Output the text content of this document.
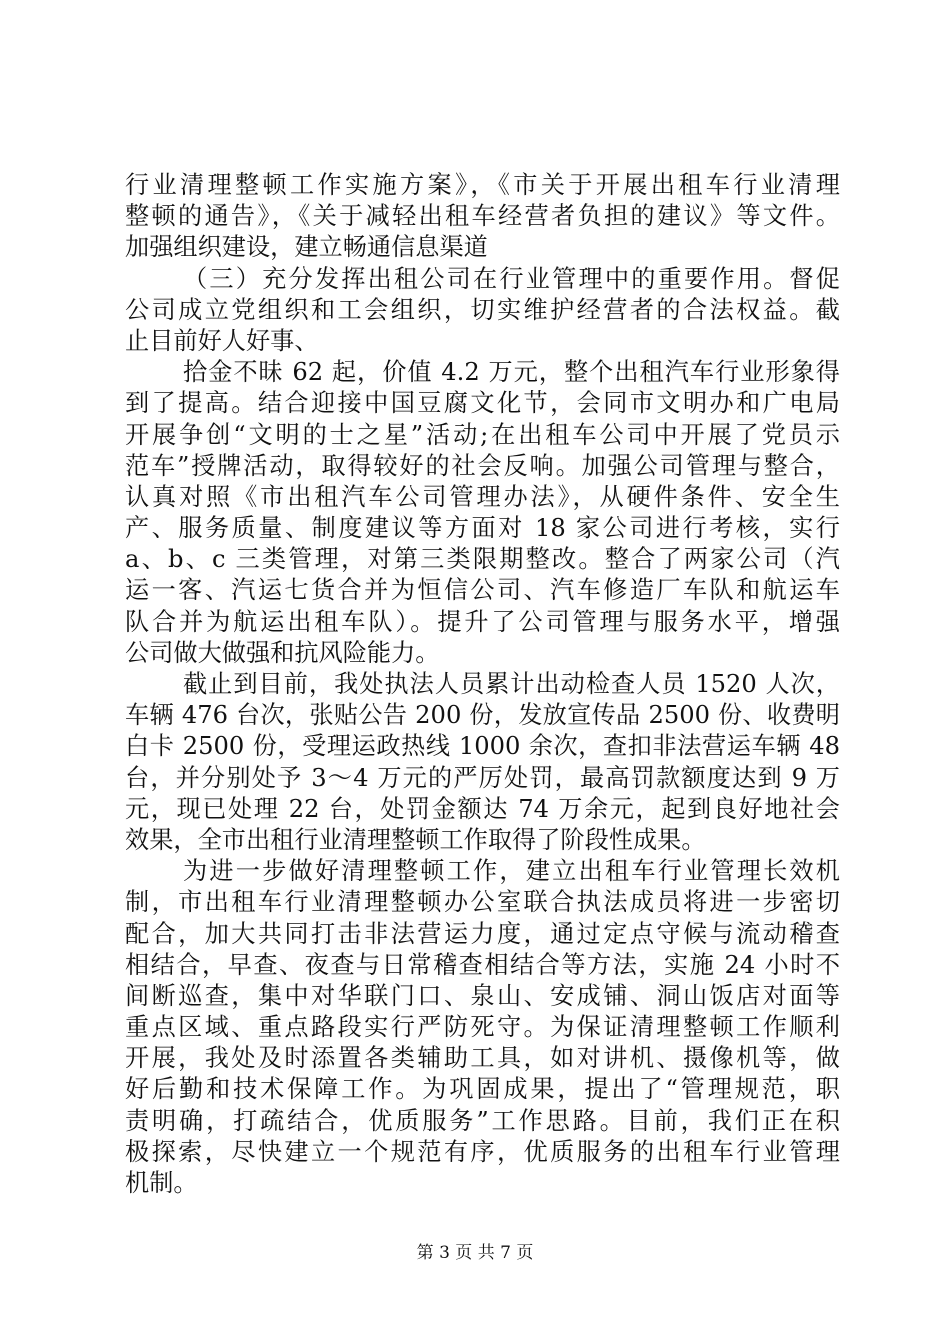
行业清理整顿工作实施方案》，《市关于开展出租车行业清理
整顿的通告》，《关于减轻出租车经营者负担的建议》等文件。
加强组织建设，建立畅通信息渠道
（三）充分发挥出租公司在行业管理中的重要作用。督促
公司成立党组织和工会组织，切实维护经营者的合法权益。截
止目前好人好事、
拾金不昧 62 起，价值 4.2 万元，整个出租汽车行业形象得
到了提高。结合迎接中国豆腐文化节，会同市文明办和广电局
开展争创“文明的士之星”活动;在出租车公司中开展了党员示
范车”授牌活动，取得较好的社会反响。加强公司管理与整合，
认真对照《市出租汽车公司管理办法》，从硬件条件、安全生
产、服务质量、制度建议等方面对 18 家公司进行考核，实行
a、b、c 三类管理，对第三类限期整改。整合了两家公司（汽
运一客、汽运七货合并为恒信公司、汽车修造厂车队和航运车
队合并为航运出租车队）。提升了公司管理与服务水平，增强
公司做大做强和抗风险能力。
截止到目前，我处执法人员累计出动检查人员 1520 人次，
车辆 476 台次，张贴公告 200 份，发放宣传品 2500 份、收费明
白卡 2500 份，受理运政热线 1000 余次，查扣非法营运车辆 48
台，并分别处予 3～4 万元的严厉处罚，最高罚款额度达到 9 万
元，现已处理 22 台，处罚金额达 74 万余元，起到良好地社会
效果，全市出租行业清理整顿工作取得了阶段性成果。
为进一步做好清理整顿工作，建立出租车行业管理长效机
制，市出租车行业清理整顿办公室联合执法成员将进一步密切
配合，加大共同打击非法营运力度，通过定点守候与流动稽查
相结合，早查、夜查与日常稽查相结合等方法，实施 24 小时不
间断巡查，集中对华联门口、泉山、安成铺、洞山饭店对面等
重点区域、重点路段实行严防死守。为保证清理整顿工作顺利
开展，我处及时添置各类辅助工具，如对讲机、摄像机等，做
好后勤和技术保障工作。为巩固成果，提出了“管理规范，职
责明确，打疏结合，优质服务”工作思路。目前，我们正在积
极探索，尽快建立一个规范有序，优质服务的出租车行业管理
机制。
第 3 页 共 7 页
